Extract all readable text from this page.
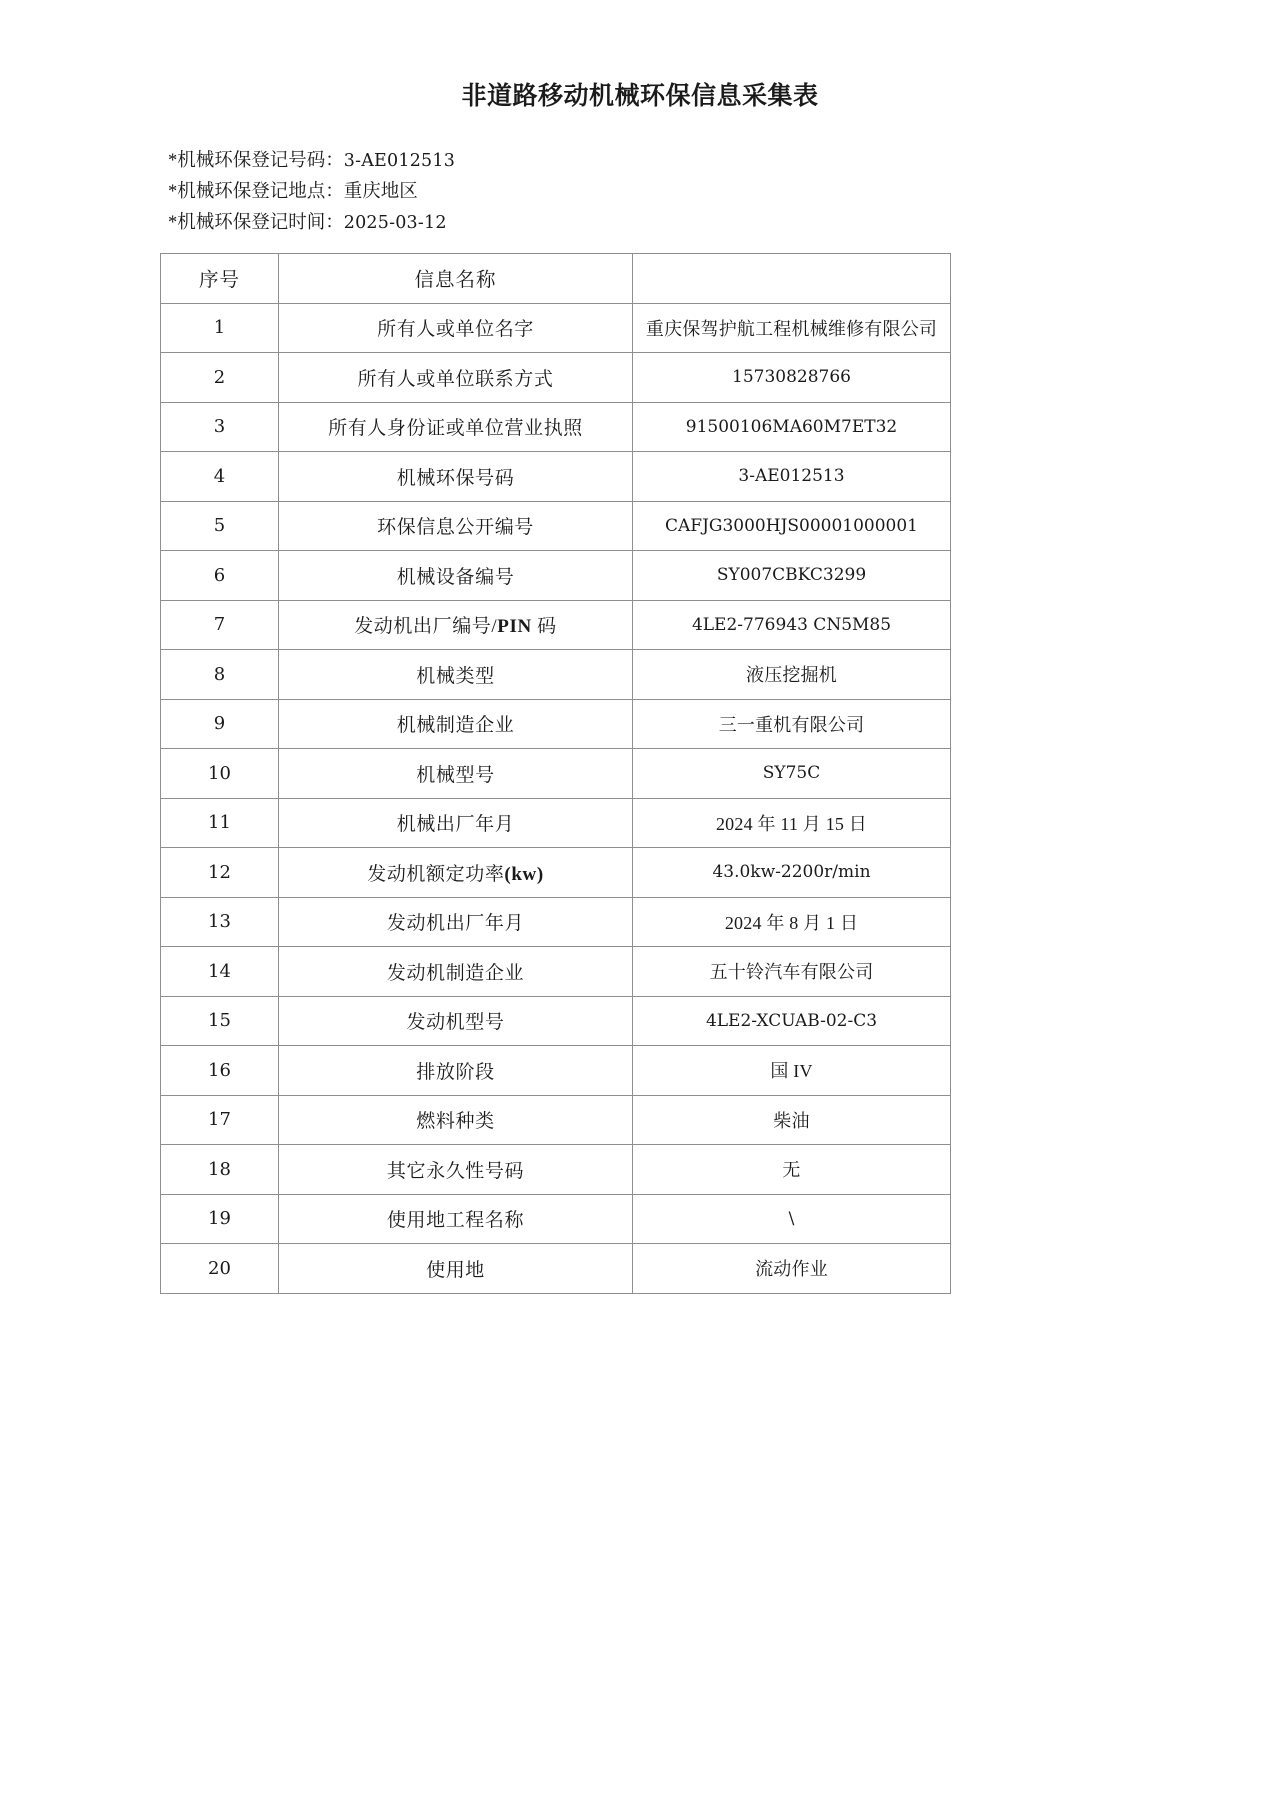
非道路移动机械环保信息采集表
*机械环保登记号码：3-AE012513
*机械环保登记地点：重庆地区
*机械环保登记时间：2025-03-12
序号	信息名称	
1	所有人或单位名字	重庆保驾护航工程机械维修有限公司
2	所有人或单位联系方式	15730828766
3	所有人身份证或单位营业执照	91500106MA60M7ET32
4	机械环保号码	3-AE012513
5	环保信息公开编号	CAFJG3000HJS00001000001
6	机械设备编号	SY007CBKC3299
7	发动机出厂编号/PIN 码	4LE2-776943 CN5M85
8	机械类型	液压挖掘机
9	机械制造企业	三一重机有限公司
10	机械型号	SY75C
11	机械出厂年月	2024 年 11 月 15 日
12	发动机额定功率(kw)	43.0kw-2200r/min
13	发动机出厂年月	2024 年 8 月 1 日
14	发动机制造企业	五十铃汽车有限公司
15	发动机型号	4LE2-XCUAB-02-C3
16	排放阶段	国 IV
17	燃料种类	柴油
18	其它永久性号码	无
19	使用地工程名称	\
20	使用地	流动作业
